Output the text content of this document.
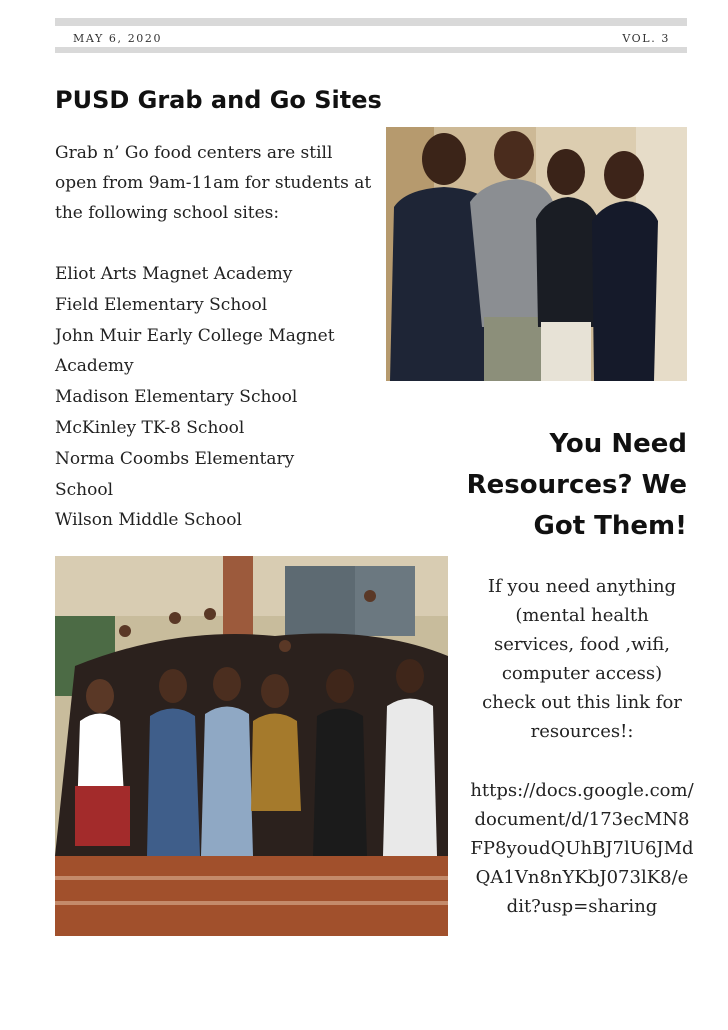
MAY 6, 2020	VOL. 3
PUSD Grab and Go Sites

Grab n’ Go food centers are still open from 9am-11am for students at the following school sites:

Eliot Arts Magnet Academy
Field Elementary School
John Muir Early College Magnet Academy
Madison Elementary School
McKinley TK-8 School
Norma Coombs Elementary School
Wilson Middle School
You Need Resources? We Got Them!

If you need anything (mental health services, food ,wifi, computer access) check out this link for resources!:

https://docs.google.com/document/d/173ecMN8FP8youdQUhBJ7lU6JMdQA1Vn8nYKbJ073lK8/edit?usp=sharing
